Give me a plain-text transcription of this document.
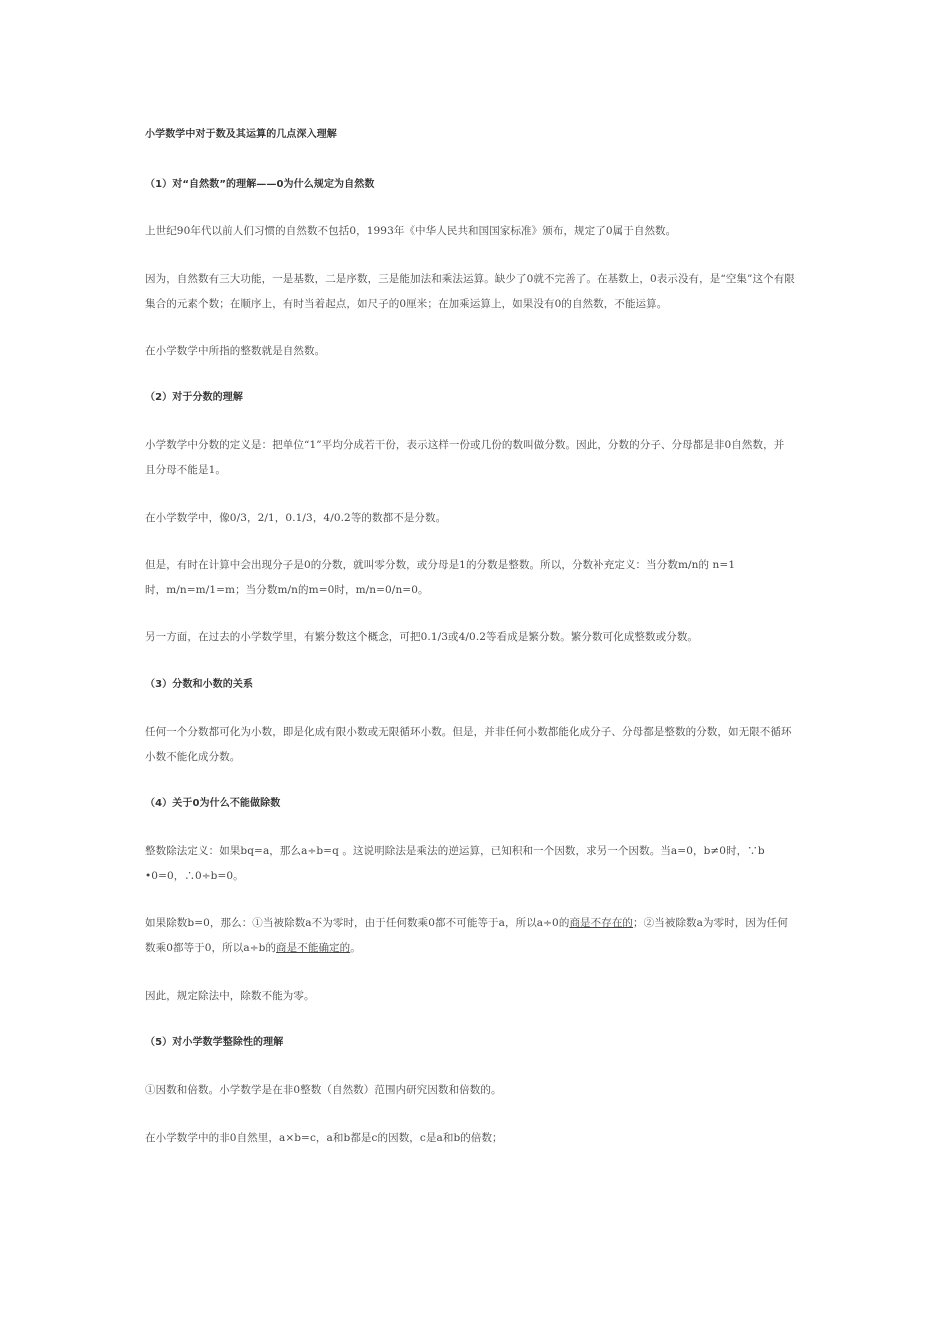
小学数学中对于数及其运算的几点深入理解
（1）对“自然数”的理解——0为什么规定为自然数
上世纪90年代以前人们习惯的自然数不包括0，1993年《中华人民共和国国家标准》颁布，规定了0属于自然数。
因为，自然数有三大功能，一是基数，二是序数，三是能加法和乘法运算。缺少了0就不完善了。在基数上，0表示没有，是“空集”这个有限
集合的元素个数；在顺序上，有时当着起点，如尺子的0厘米；在加乘运算上，如果没有0的自然数，不能运算。
在小学数学中所指的整数就是自然数。
（2）对于分数的理解
小学数学中分数的定义是：把单位“1”平均分成若干份，表示这样一份或几份的数叫做分数。因此，分数的分子、分母都是非0自然数，并
且分母不能是1。
在小学数学中，像0/3，2/1，0.1/3，4/0.2等的数都不是分数。
但是，有时在计算中会出现分子是0的分数，就叫零分数，或分母是1的分数是整数。所以，分数补充定义：当分数m/n的 n=1
时，m/n=m/1=m；当分数m/n的m=0时，m/n=0/n=0。
另一方面，在过去的小学数学里，有繁分数这个概念，可把0.1/3或4/0.2等看成是繁分数。繁分数可化成整数或分数。
（3）分数和小数的关系
任何一个分数都可化为小数，即是化成有限小数或无限循环小数。但是，并非任何小数都能化成分子、分母都是整数的分数，如无限不循环
小数不能化成分数。
（4）关于0为什么不能做除数
整数除法定义：如果bq=a，那么a÷b=q 。这说明除法是乘法的逆运算，已知积和一个因数，求另一个因数。当a=0，b≠0时，∵b
•0=0，∴0÷b=0。
如果除数b=0，那么：①当被除数a不为零时，由于任何数乘0都不可能等于a，所以a÷0的商是不存在的；②当被除数a为零时，因为任何
数乘0都等于0，所以a÷b的商是不能确定的。
因此，规定除法中，除数不能为零。
（5）对小学数学整除性的理解
①因数和倍数。小学数学是在非0整数（自然数）范围内研究因数和倍数的。
在小学数学中的非0自然里，a×b=c，a和b都是c的因数，c是a和b的倍数；
